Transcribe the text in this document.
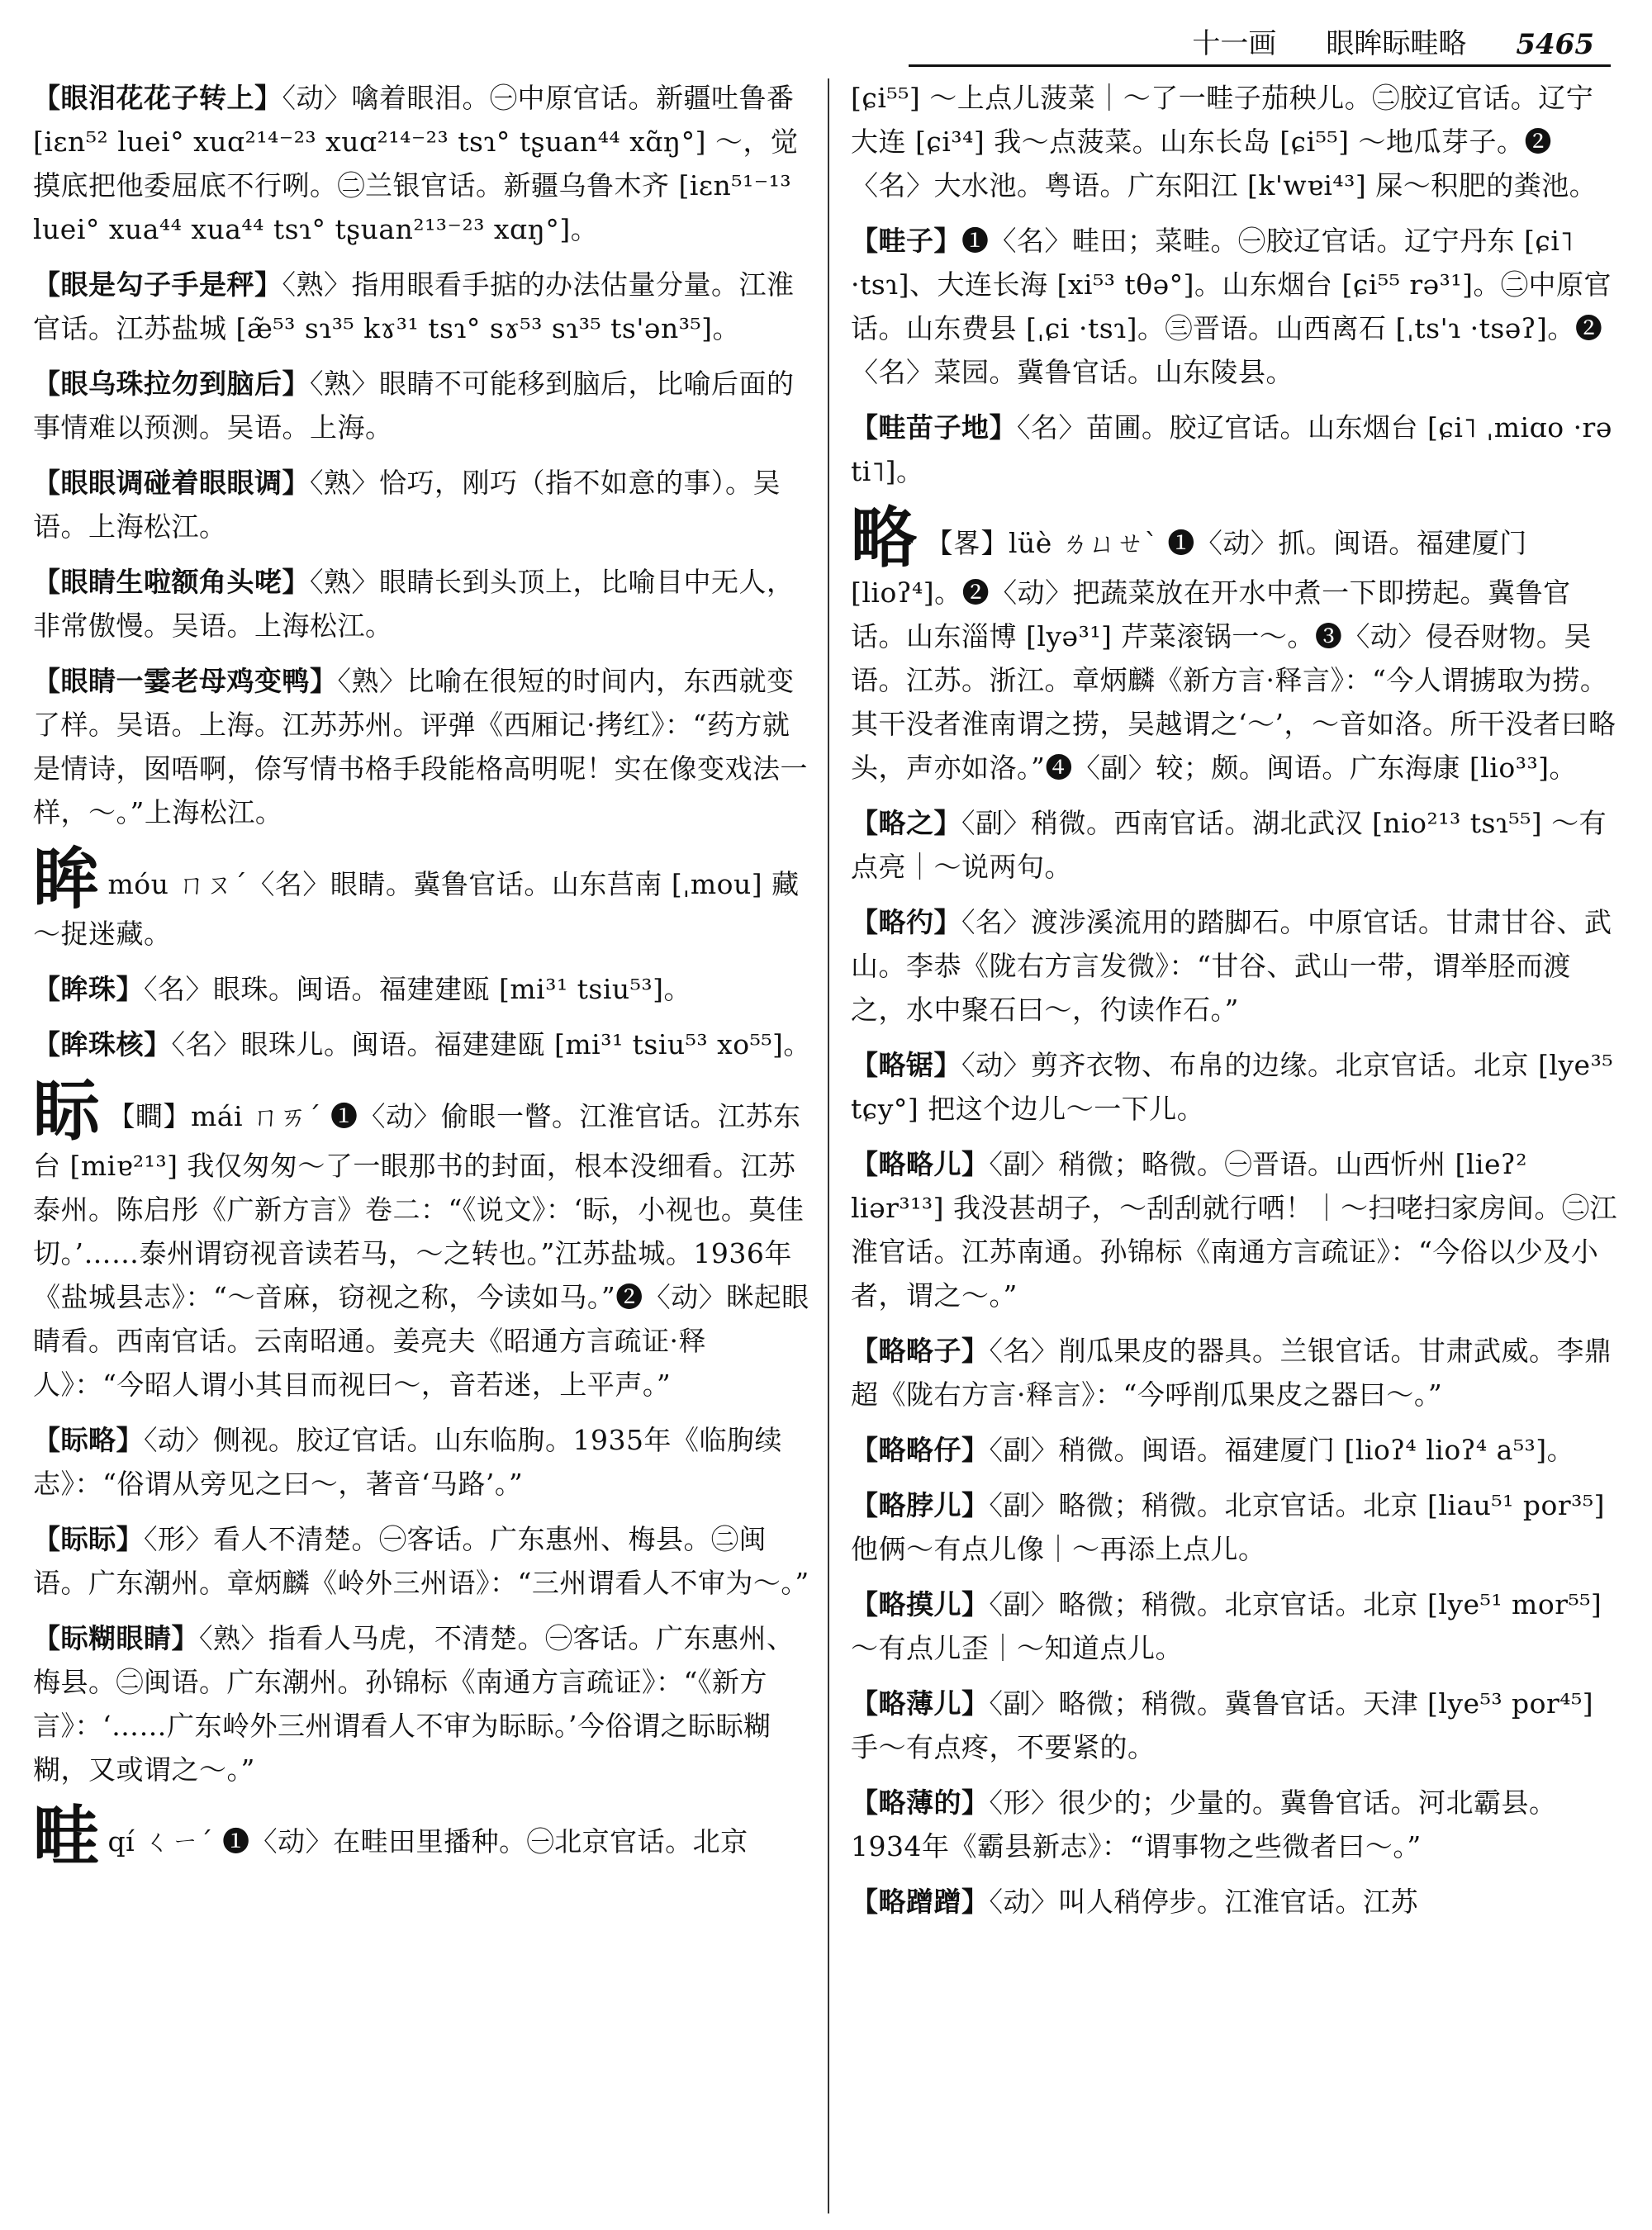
十一画 眼眸眎畦略 5465

【眼泪花花子转上】〈动〉噙着眼泪。㊀中原官话。新疆吐鲁番 [iɛn⁵² luei° xuɑ²¹⁴⁻²³ xuɑ²¹⁴⁻²³ tsɿ° tʂuan⁴⁴ xɑ̃ŋ°] ～，觉摸底把他委屈底不行咧。㊁兰银官话。新疆乌鲁木齐 [iɛn⁵¹⁻¹³ luei° xua⁴⁴ xua⁴⁴ tsɿ° tʂuan²¹³⁻²³ xɑŋ°]。

【眼是勾子手是秤】〈熟〉指用眼看手掂的办法估量分量。江淮官话。江苏盐城 [æ̃⁵³ sɿ³⁵ kɤ³¹ tsɿ° sɤ⁵³ sɿ³⁵ ts'ən³⁵]。

【眼乌珠拉勿到脑后】〈熟〉眼睛不可能移到脑后，比喻后面的事情难以预测。吴语。上海。

【眼眼调碰着眼眼调】〈熟〉恰巧，刚巧（指不如意的事）。吴语。上海松江。

【眼睛生啦额角头咾】〈熟〉眼睛长到头顶上，比喻目中无人，非常傲慢。吴语。上海松江。

【眼睛一霎老母鸡变鸭】〈熟〉比喻在很短的时间内，东西就变了样。吴语。上海。江苏苏州。评弹《西厢记·拷红》：“药方就是情诗，囡唔啊，倷写情书格手段能格高明呢！实在像变戏法一样，～。”上海松江。

眸móu ㄇㄡˊ〈名〉眼睛。冀鲁官话。山东莒南 [ˌmou] 藏～捉迷藏。

【眸珠】〈名〉眼珠。闽语。福建建瓯 [mi³¹ tsiu⁵³]。

【眸珠核】〈名〉眼珠儿。闽语。福建建瓯 [mi³¹ tsiu⁵³ xo⁵⁵]。

眎 【瞷】mái ㄇㄞˊ ❶〈动〉偷眼一瞥。江淮官话。江苏东台 [miɐ²¹³] 我仅匆匆～了一眼那书的封面，根本没细看。江苏泰州。陈启彤《广新方言》卷二：“《说文》：‘眎，小视也。莫佳切。’……泰州谓窃视音读若马，～之转也。”江苏盐城。1936年《盐城县志》：“～音麻，窃视之称，今读如马。”❷〈动〉眯起眼睛看。西南官话。云南昭通。姜亮夫《昭通方言疏证·释人》：“今昭人谓小其目而视曰～，音若迷，上平声。”

【眎略】〈动〉侧视。胶辽官话。山东临朐。1935年《临朐续志》：“俗谓从旁见之曰～，著音‘马路’。”

【眎眎】〈形〉看人不清楚。㊀客话。广东惠州、梅县。㊁闽语。广东潮州。章炳麟《岭外三州语》：“三州谓看人不审为～。”

【眎糊眼睛】〈熟〉指看人马虎，不清楚。㊀客话。广东惠州、梅县。㊁闽语。广东潮州。孙锦标《南通方言疏证》：“《新方言》：‘……广东岭外三州谓看人不审为眎眎。’今俗谓之眎眎糊糊，又或谓之～。”

畦qí ㄑㄧˊ ❶〈动〉在畦田里播种。㊀北京官话。北京

[ɕi⁵⁵] ～上点儿菠菜｜～了一畦子茄秧儿。㊁胶辽官话。辽宁大连 [ɕi³⁴] 我～点菠菜。山东长岛 [ɕi⁵⁵] ～地瓜芽子。❷〈名〉大水池。粤语。广东阳江 [k'wɐi⁴³] 屎～积肥的粪池。

【畦子】❶〈名〉畦田；菜畦。㊀胶辽官话。辽宁丹东 [ɕi˥ ·tsɿ]、大连长海 [xi⁵³ tθə°]。山东烟台 [ɕi⁵⁵ rə³¹]。㊁中原官话。山东费县 [ˌɕi ·tsɿ]。㊂晋语。山西离石 [ˌts'ɿ ·tsəʔ]。❷〈名〉菜园。冀鲁官话。山东陵县。

【畦苗子地】〈名〉苗圃。胶辽官话。山东烟台 [ɕi˥ ˌmiɑo ·rə ti˥]。

略 【畧】lüè ㄌㄩㄝˋ ❶〈动〉抓。闽语。福建厦门 [lioʔ⁴]。❷〈动〉把蔬菜放在开水中煮一下即捞起。冀鲁官话。山东淄博 [lyə³¹] 芹菜滚锅一～。❸〈动〉侵吞财物。吴语。江苏。浙江。章炳麟《新方言·释言》：“今人谓掳取为捞。其干没者淮南谓之捞，吴越谓之‘～’，～音如洛。所干没者曰略头，声亦如洛。”❹〈副〉较；颇。闽语。广东海康 [lio³³]。

【略之】〈副〉稍微。西南官话。湖北武汉 [nio²¹³ tsɿ⁵⁵] ～有点亮｜～说两句。

【略彴】〈名〉渡涉溪流用的踏脚石。中原官话。甘肃甘谷、武山。李恭《陇右方言发微》：“甘谷、武山一带，谓举胫而渡之，水中聚石曰～，彴读作石。”

【略锯】〈动〉剪齐衣物、布帛的边缘。北京官话。北京 [lye³⁵ tɕy°] 把这个边儿～一下儿。

【略略儿】〈副〉稍微；略微。㊀晋语。山西忻州 [lieʔ² liər³¹³] 我没甚胡子，～刮刮就行哂！｜～扫咾扫家房间。㊁江淮官话。江苏南通。孙锦标《南通方言疏证》：“今俗以少及小者，谓之～。”

【略略子】〈名〉削瓜果皮的器具。兰银官话。甘肃武威。李鼎超《陇右方言·释言》：“今呼削瓜果皮之器曰～。”

【略略仔】〈副〉稍微。闽语。福建厦门 [lioʔ⁴ lioʔ⁴ a⁵³]。

【略脖儿】〈副〉略微；稍微。北京官话。北京 [liau⁵¹ por³⁵] 他俩～有点儿像｜～再添上点儿。

【略摸儿】〈副〉略微；稍微。北京官话。北京 [lye⁵¹ mor⁵⁵] ～有点儿歪｜～知道点儿。

【略薄儿】〈副〉略微；稍微。冀鲁官话。天津 [lye⁵³ por⁴⁵] 手～有点疼，不要紧的。

【略薄的】〈形〉很少的；少量的。冀鲁官话。河北霸县。1934年《霸县新志》：“谓事物之些微者曰～。”

【略蹭蹭】〈动〉叫人稍停步。江淮官话。江苏
